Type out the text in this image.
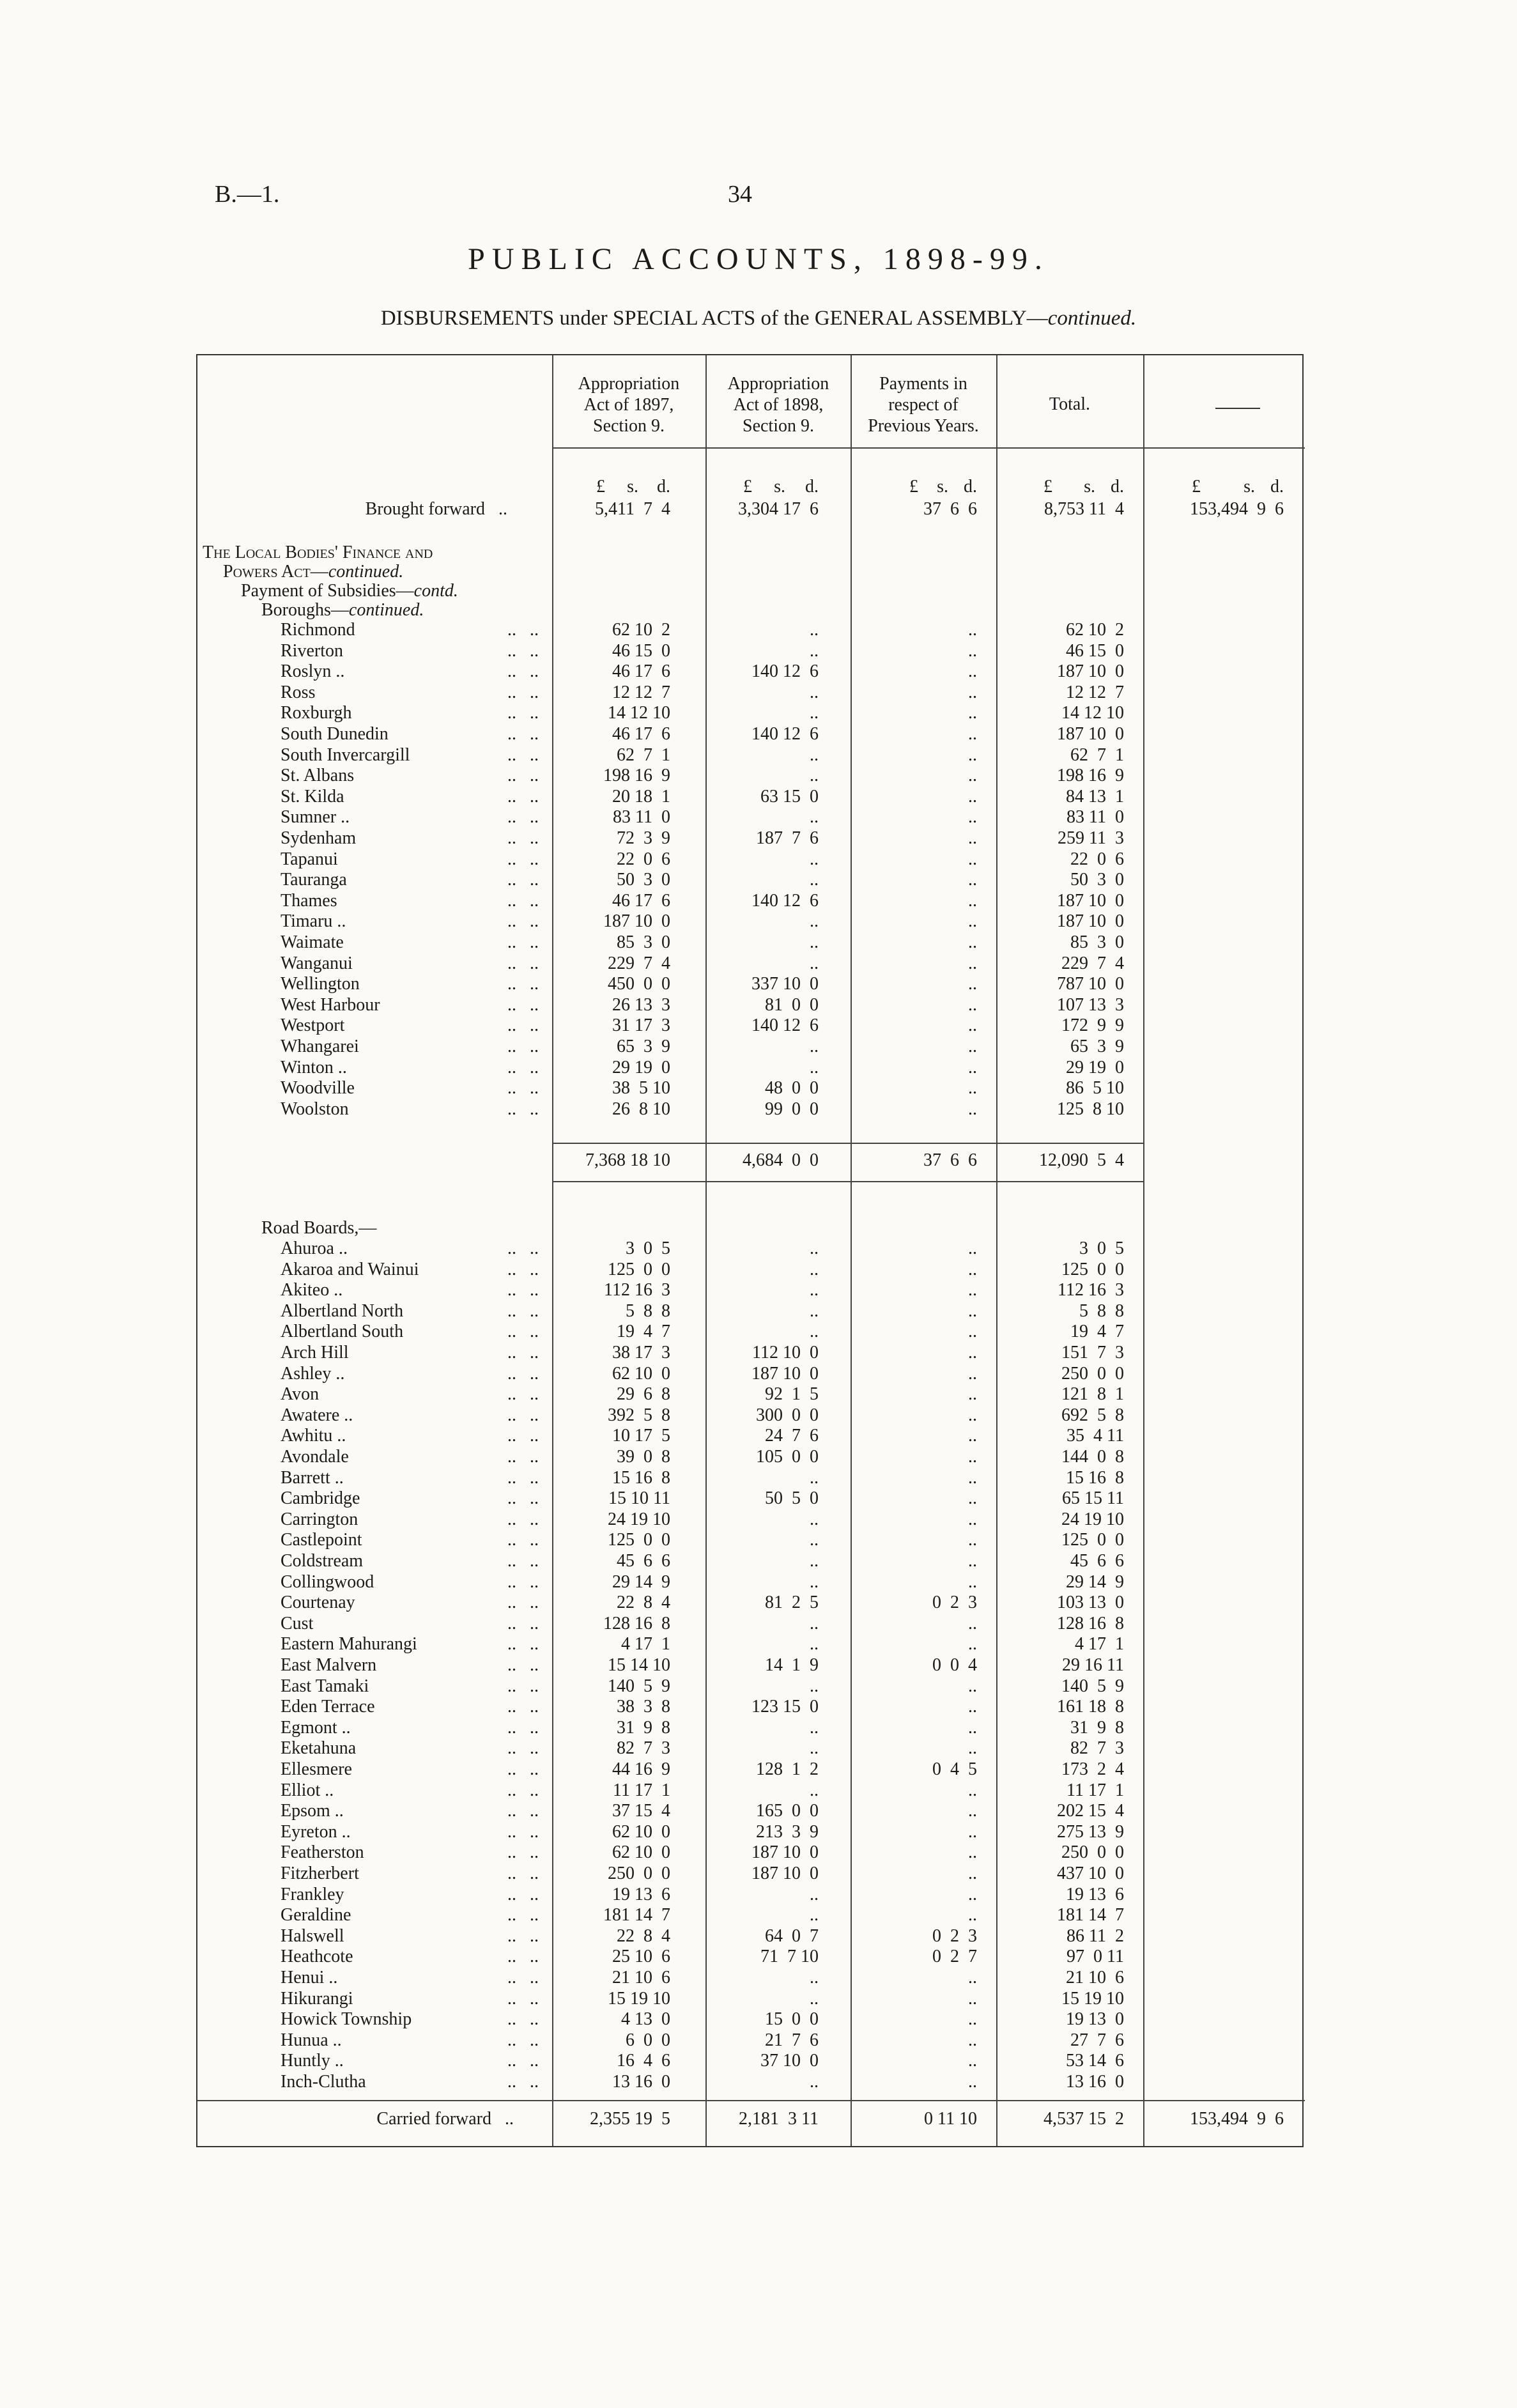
B.—1.	34
PUBLIC ACCOUNTS, 1898-99.
DISBURSEMENTS under SPECIAL ACTS of the GENERAL ASSEMBLY—continued.
Appropriation
Act of 1897,
Section 9.
Appropriation
Act of 1898,
Section 9.
Payments in
respect of
Previous Years.
Total.
£	s.	d.	£	s.	d.	£	s. d.	£	s. d.	£	s. d.
Brought forward   ..	5,411  7  4	3,304 17  6	37  6  6	8,753 11  4	153,494  9  6
The Local Bodies' Finance and
Powers Act—continued.
Payment of Subsidies—contd.
Boroughs—continued.
Richmond	.. ..	62 10  2	..	..	62 10  2
Riverton	.. ..	46 15  0	..	..	46 15  0
Roslyn ..	.. ..	46 17  6	140 12  6	..	187 10  0
Ross	.. ..	12 12  7	..	..	12 12  7
Roxburgh	.. ..	14 12 10	..	..	14 12 10
South Dunedin	.. ..	46 17  6	140 12  6	..	187 10  0
South Invercargill	.. ..	62  7  1	..	..	62  7  1
St. Albans	.. ..	198 16  9	..	..	198 16  9
St. Kilda	.. ..	20 18  1	63 15  0	..	84 13  1
Sumner ..	.. ..	83 11  0	..	..	83 11  0
Sydenham	.. ..	72  3  9	187  7  6	..	259 11  3
Tapanui	.. ..	22  0  6	..	..	22  0  6
Tauranga	.. ..	50  3  0	..	..	50  3  0
Thames	.. ..	46 17  6	140 12  6	..	187 10  0
Timaru ..	.. ..	187 10  0	..	..	187 10  0
Waimate	.. ..	85  3  0	..	..	85  3  0
Wanganui	.. ..	229  7  4	..	..	229  7  4
Wellington	.. ..	450  0  0	337 10  0	..	787 10  0
West Harbour	.. ..	26 13  3	81  0  0	..	107 13  3
Westport	.. ..	31 17  3	140 12  6	..	172  9  9
Whangarei	.. ..	65  3  9	..	..	65  3  9
Winton ..	.. ..	29 19  0	..	..	29 19  0
Woodville	.. ..	38  5 10	48  0  0	..	86  5 10
Woolston	.. ..	26  8 10	99  0  0	..	125  8 10
7,368 18 10	4,684  0  0	37  6  6	12,090  5  4
Road Boards,—
Ahuroa ..	.. ..	3  0  5	..	..	3  0  5
Akaroa and Wainui	.. ..	125  0  0	..	..	125  0  0
Akiteo ..	.. ..	112 16  3	..	..	112 16  3
Albertland North	.. ..	5  8  8	..	..	5  8  8
Albertland South	.. ..	19  4  7	..	..	19  4  7
Arch Hill	.. ..	38 17  3	112 10  0	..	151  7  3
Ashley ..	.. ..	62 10  0	187 10  0	..	250  0  0
Avon	.. ..	29  6  8	92  1  5	..	121  8  1
Awatere ..	.. ..	392  5  8	300  0  0	..	692  5  8
Awhitu ..	.. ..	10 17  5	24  7  6	..	35  4 11
Avondale	.. ..	39  0  8	105  0  0	..	144  0  8
Barrett ..	.. ..	15 16  8	..	..	15 16  8
Cambridge	.. ..	15 10 11	50  5  0	..	65 15 11
Carrington	.. ..	24 19 10	..	..	24 19 10
Castlepoint	.. ..	125  0  0	..	..	125  0  0
Coldstream	.. ..	45  6  6	..	..	45  6  6
Collingwood	.. ..	29 14  9	..	..	29 14  9
Courtenay	.. ..	22  8  4	81  2  5	0  2  3	103 13  0
Cust	.. ..	128 16  8	..	..	128 16  8
Eastern Mahurangi	.. ..	4 17  1	..	..	4 17  1
East Malvern	.. ..	15 14 10	14  1  9	0  0  4	29 16 11
East Tamaki	.. ..	140  5  9	..	..	140  5  9
Eden Terrace	.. ..	38  3  8	123 15  0	..	161 18  8
Egmont ..	.. ..	31  9  8	..	..	31  9  8
Eketahuna	.. ..	82  7  3	..	..	82  7  3
Ellesmere	.. ..	44 16  9	128  1  2	0  4  5	173  2  4
Elliot ..	.. ..	11 17  1	..	..	11 17  1
Epsom ..	.. ..	37 15  4	165  0  0	..	202 15  4
Eyreton ..	.. ..	62 10  0	213  3  9	..	275 13  9
Featherston	.. ..	62 10  0	187 10  0	..	250  0  0
Fitzherbert	.. ..	250  0  0	187 10  0	..	437 10  0
Frankley	.. ..	19 13  6	..	..	19 13  6
Geraldine	.. ..	181 14  7	..	..	181 14  7
Halswell	.. ..	22  8  4	64  0  7	0  2  3	86 11  2
Heathcote	.. ..	25 10  6	71  7 10	0  2  7	97  0 11
Henui ..	.. ..	21 10  6	..	..	21 10  6
Hikurangi	.. ..	15 19 10	..	..	15 19 10
Howick Township	.. ..	4 13  0	15  0  0	..	19 13  0
Hunua ..	.. ..	6  0  0	21  7  6	..	27  7  6
Huntly ..	.. ..	16  4  6	37 10  0	..	53 14  6
Inch-Clutha	.. ..	13 16  0	..	..	13 16  0
Carried forward   ..	2,355 19  5	2,181  3 11	0 11 10	4,537 15  2	153,494  9  6
